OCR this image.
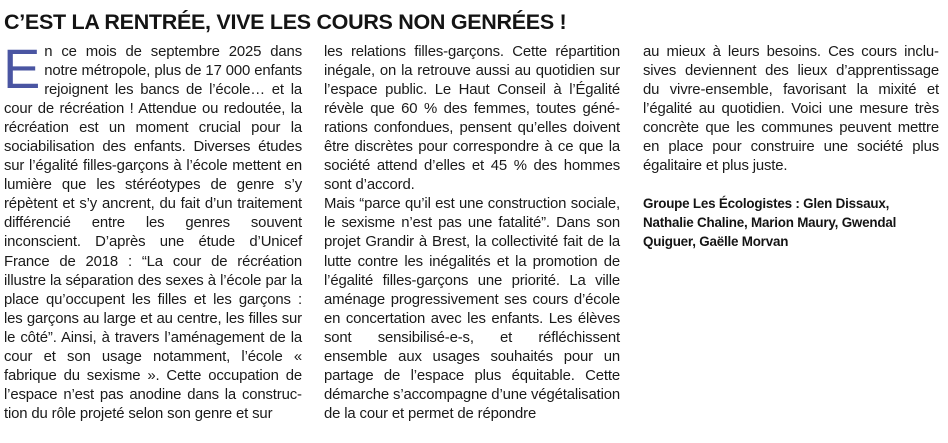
C’EST LA RENTRÉE, VIVE LES COURS NON GENRÉES !

En ce mois de septembre 2025 dans notre métropole, plus de 17 000 enfants rejoignent les bancs de l’école… et la cour de récréation ! Attendue ou redoutée, la récréation est un moment crucial pour la sociabilisation des enfants. Diverses études sur l’égalité filles-garçons à l’école mettent en lumière que les stéréotypes de genre s’y répètent et s’y ancrent, du fait d’un traitement différencié entre les genres souvent inconscient. D’après une étude d’Unicef France de 2018 : “La cour de récréation illustre la séparation des sexes à l’école par la place qu’occupent les filles et les garçons : les garçons au large et au centre, les filles sur le côté”. Ainsi, à travers l’aménagement de la cour et son usage notamment, l’école « fabrique du sexisme ». Cette occupation de l’espace n’est pas anodine dans la construction du rôle projeté selon son genre et sur

les relations filles-garçons. Cette répartition inégale, on la retrouve aussi au quotidien sur l’espace public. Le Haut Conseil à l’Égalité révèle que 60 % des femmes, toutes générations confondues, pensent qu’elles doivent être discrètes pour correspondre à ce que la société attend d’elles et 45 % des hommes sont d’accord.

Mais “parce qu’il est une construction sociale, le sexisme n’est pas une fatalité”. Dans son projet Grandir à Brest, la collectivité fait de la lutte contre les inégalités et la promotion de l’égalité filles-garçons une priorité. La ville aménage progressivement ses cours d’école en concertation avec les enfants. Les élèves sont sensibilisé-e-s, et réfléchissent ensemble aux usages souhaités pour un partage de l’espace plus équitable. Cette démarche s’accompagne d’une végétalisation de la cour et permet de répondre

au mieux à leurs besoins. Ces cours inclusives deviennent des lieux d’apprentissage du vivre-ensemble, favorisant la mixité et l’égalité au quotidien. Voici une mesure très concrète que les communes peuvent mettre en place pour construire une société plus égalitaire et plus juste.

Groupe Les Écologistes : Glen Dissaux, Nathalie Chaline, Marion Maury, Gwendal Quiguer, Gaëlle Morvan
